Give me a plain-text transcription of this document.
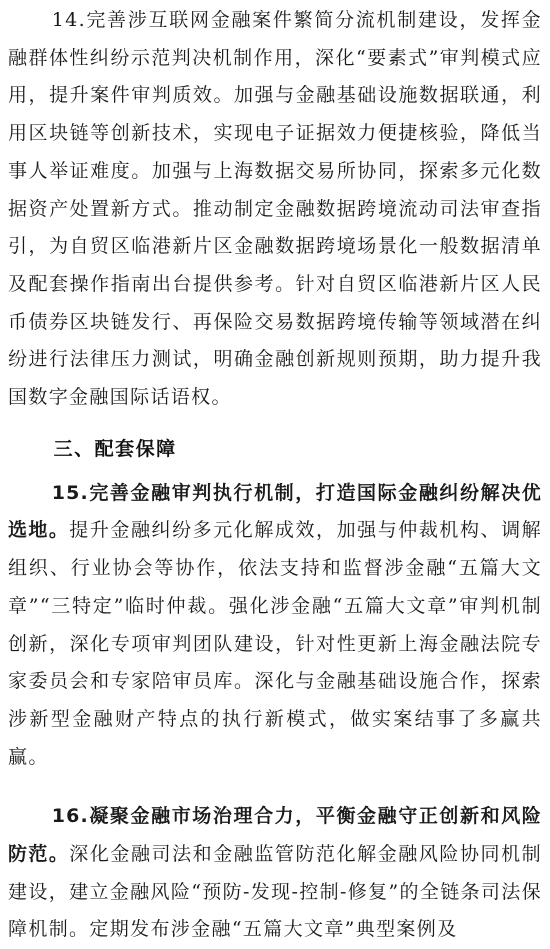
14.完善涉互联网金融案件繁简分流机制建设，发挥金融群体性纠纷示范判决机制作用，深化“要素式”审判模式应用，提升案件审判质效。加强与金融基础设施数据联通，利用区块链等创新技术，实现电子证据效力便捷核验，降低当事人举证难度。加强与上海数据交易所协同，探索多元化数据资产处置新方式。推动制定金融数据跨境流动司法审查指引，为自贸区临港新片区金融数据跨境场景化一般数据清单及配套操作指南出台提供参考。针对自贸区临港新片区人民币债券区块链发行、再保险交易数据跨境传输等领域潜在纠纷进行法律压力测试，明确金融创新规则预期，助力提升我国数字金融国际话语权。

三、配套保障

15.完善金融审判执行机制，打造国际金融纠纷解决优选地。提升金融纠纷多元化解成效，加强与仲裁机构、调解组织、行业协会等协作，依法支持和监督涉金融“五篇大文章”“三特定”临时仲裁。强化涉金融“五篇大文章”审判机制创新，深化专项审判团队建设，针对性更新上海金融法院专家委员会和专家陪审员库。深化与金融基础设施合作，探索涉新型金融财产特点的执行新模式，做实案结事了多赢共赢。

16.凝聚金融市场治理合力，平衡金融守正创新和风险防范。深化金融司法和金融监管防范化解金融风险协同机制建设，建立金融风险“预防-发现-控制-修复”的全链条司法保障机制。定期发布涉金融“五篇大文章”典型案例及
